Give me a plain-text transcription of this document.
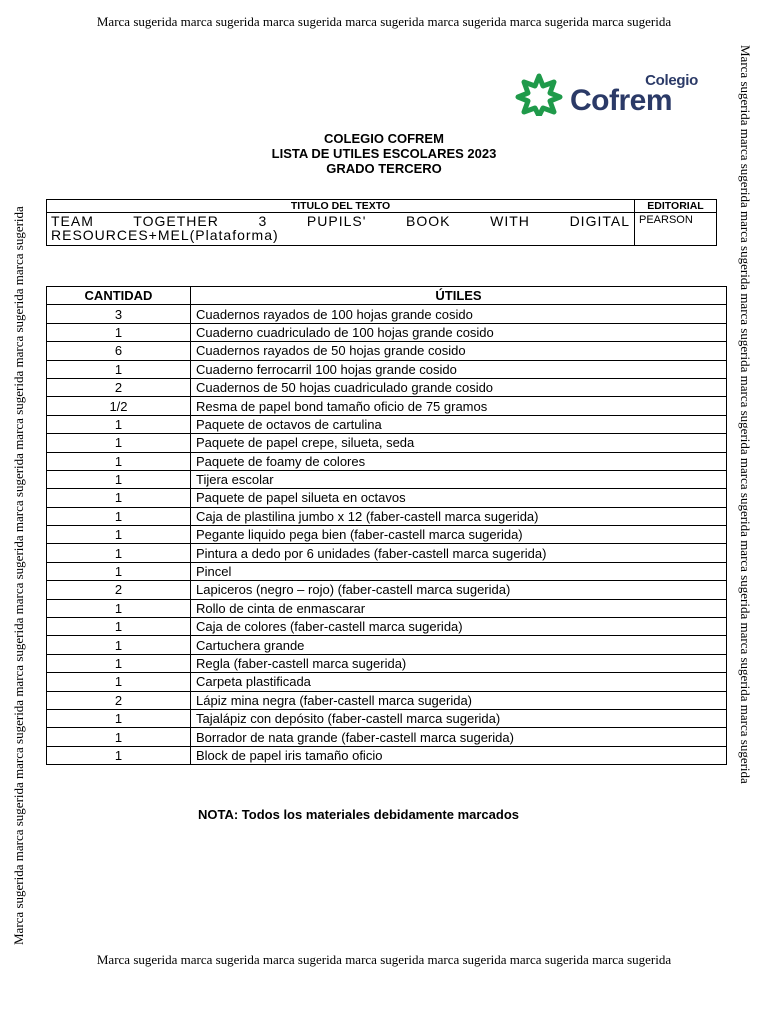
Marca sugerida marca sugerida marca sugerida marca sugerida marca sugerida marca sugerida marca sugerida
Marca sugerida marca sugerida marca sugerida marca sugerida marca sugerida marca sugerida marca sugerida marca sugerida marca sugerida	Marca sugerida marca sugerida marca sugerida marca sugerida marca sugerida marca sugerida marca sugerida marca sugerida marca sugerida
Marca sugerida marca sugerida marca sugerida marca sugerida marca sugerida marca sugerida marca sugerida
Colegio
Cofrem
COLEGIO COFREM
LISTA DE UTILES ESCOLARES 2023
GRADO TERCERO
TITULO DEL TEXTO	EDITORIAL
TEAM TOGETHER 3 PUPILS' BOOK WITH DIGITAL RESOURCES+MEL(Plataforma)	PEARSON
CANTIDAD	ÚTILES
3	Cuadernos rayados de 100 hojas grande cosido
1	Cuaderno cuadriculado de 100 hojas grande cosido
6	Cuadernos rayados de 50 hojas grande cosido
1	Cuaderno ferrocarril 100 hojas grande cosido
2	Cuadernos de 50 hojas cuadriculado grande cosido
1/2	Resma de papel bond tamaño oficio de 75 gramos
1	Paquete de octavos de cartulina
1	Paquete de papel crepe, silueta, seda
1	Paquete de foamy de colores
1	Tijera escolar
1	Paquete de papel silueta en octavos
1	Caja de plastilina jumbo x 12 (faber-castell marca sugerida)
1	Pegante liquido pega bien (faber-castell marca sugerida)
1	Pintura a dedo por 6 unidades (faber-castell marca sugerida)
1	Pincel
2	Lapiceros (negro – rojo) (faber-castell marca sugerida)
1	Rollo de cinta de enmascarar
1	Caja de colores (faber-castell marca sugerida)
1	Cartuchera grande
1	Regla (faber-castell marca sugerida)
1	Carpeta plastificada
2	Lápiz mina negra (faber-castell marca sugerida)
1	Tajalápiz con depósito (faber-castell marca sugerida)
1	Borrador de nata grande (faber-castell marca sugerida)
1	Block de papel iris tamaño oficio
NOTA: Todos los materiales debidamente marcados
